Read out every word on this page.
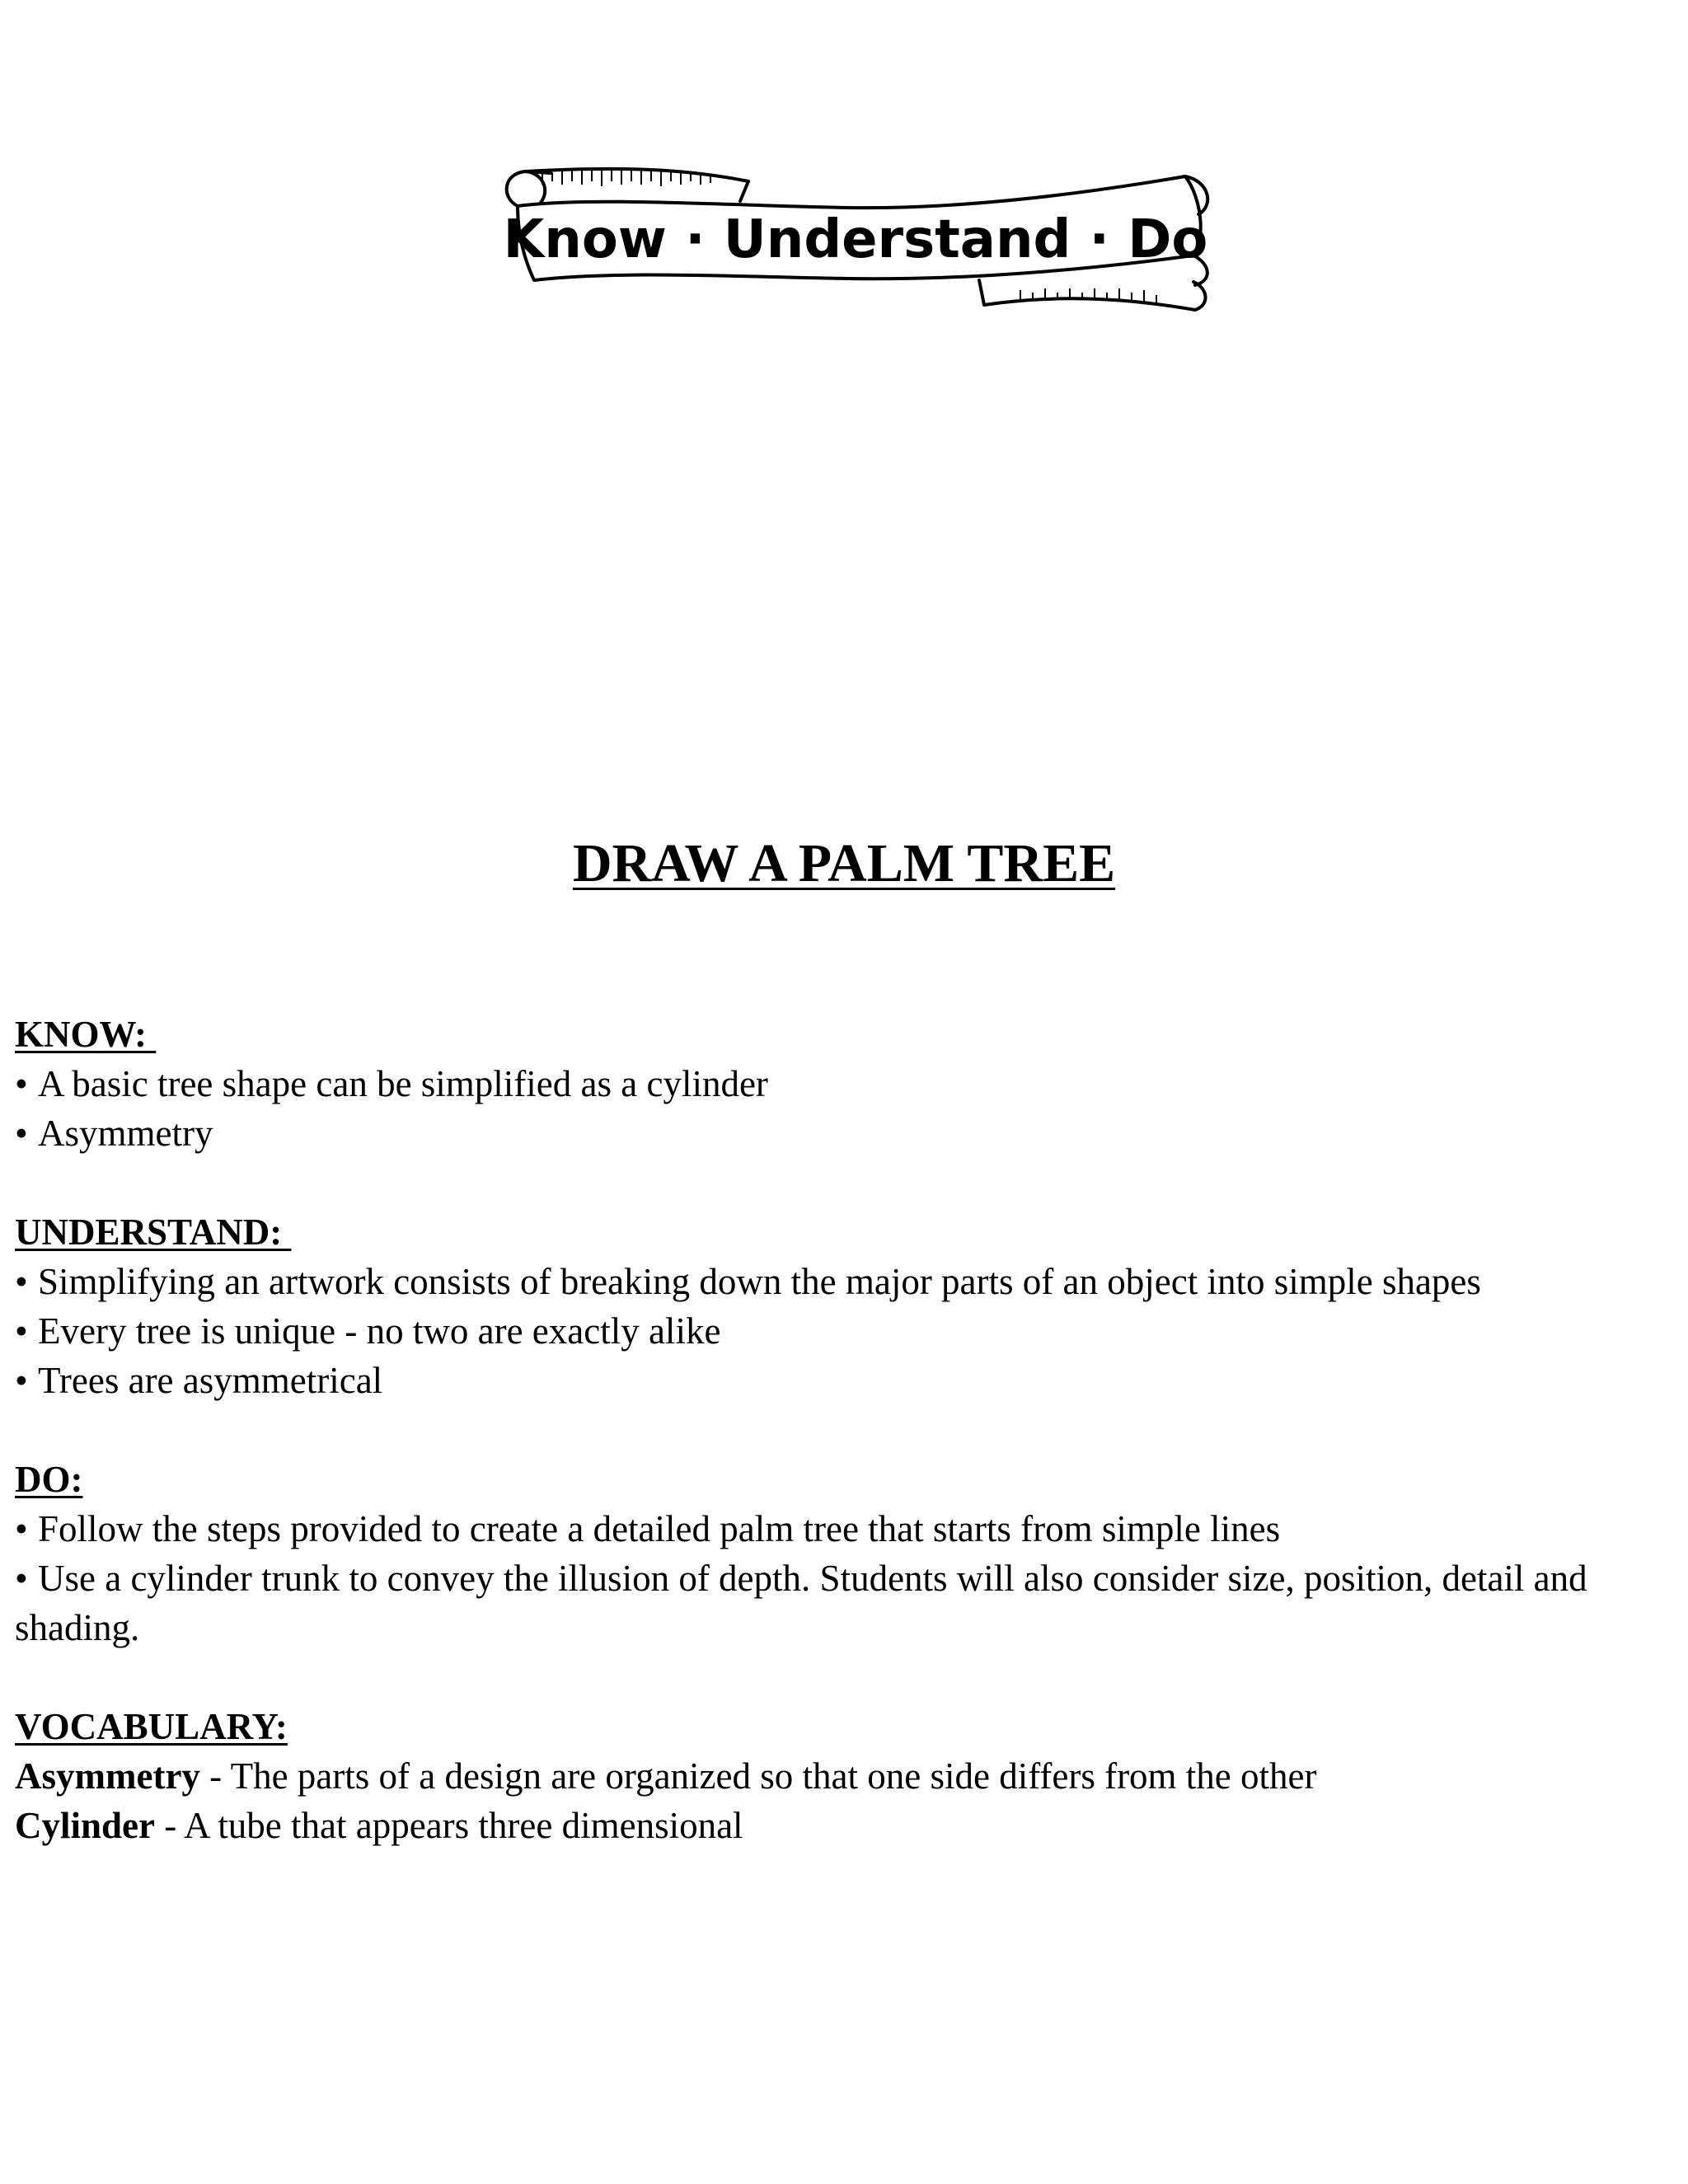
Know · Understand · Do
DRAW A PALM TREE

KNOW:

• A basic tree shape can be simplified as a cylinder

• Asymmetry

UNDERSTAND:

• Simplifying an artwork consists of breaking down the major parts of an object into simple shapes

• Every tree is unique - no two are exactly alike

• Trees are asymmetrical

DO:

• Follow the steps provided to create a detailed palm tree that starts from simple lines

• Use a cylinder trunk to convey the illusion of depth. Students will also consider size, position, detail and shading.

VOCABULARY:

Asymmetry - The parts of a design are organized so that one side differs from the other

Cylinder - A tube that appears three dimensional
